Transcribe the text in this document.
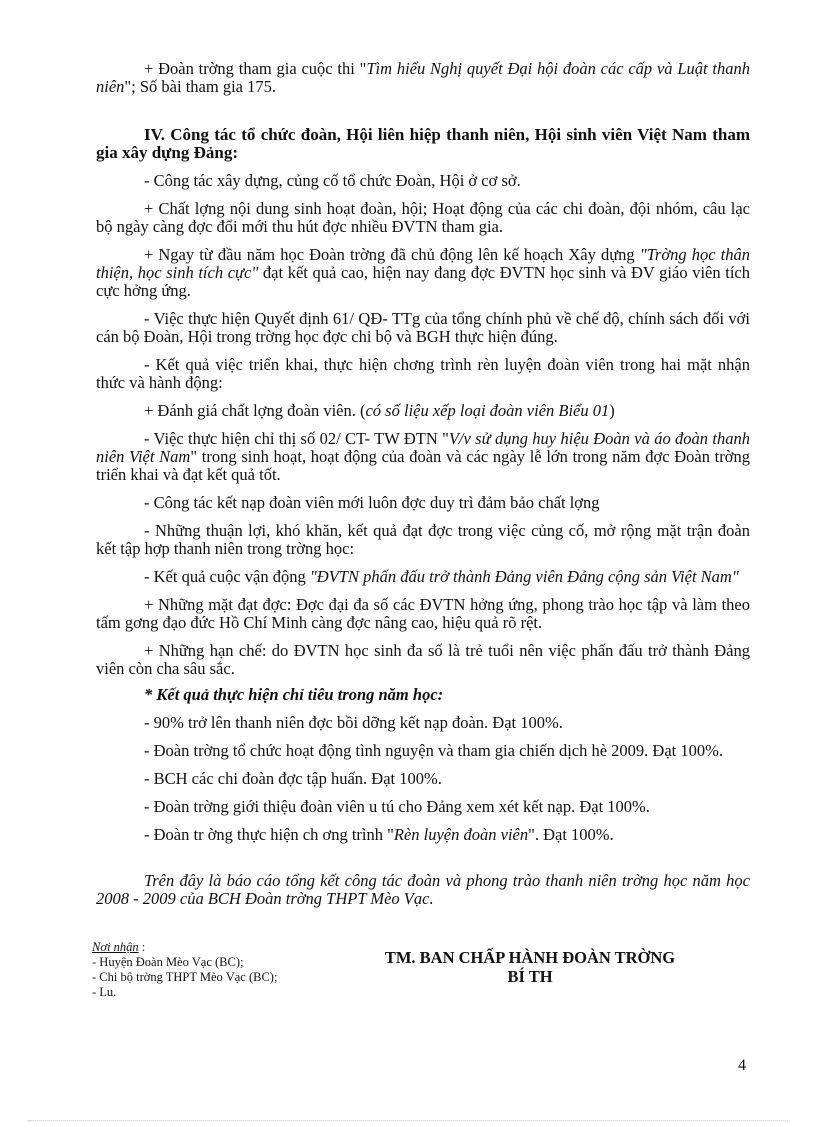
+ Đoàn trờng tham gia cuộc thi "Tìm hiểu Nghị quyết Đại hội đoàn các cấp và Luật thanh niên"; Số bài tham gia 175.

IV. Công tác tổ chức đoàn, Hội liên hiệp thanh niên, Hội sinh viên Việt Nam tham gia xây dựng Đảng:

- Công tác xây dựng, củng cố tổ chức Đoàn, Hội ở cơ sở.

+ Chất lợng nội dung sinh hoạt đoàn, hội; Hoạt động của các chi đoàn, đội nhóm, câu lạc bộ ngày càng đợc đổi mới thu hút đợc nhiều ĐVTN tham gia.

+ Ngay từ đầu năm học Đoàn trờng đã chủ động lên kế hoạch Xây dựng "Trờng học thân thiện, học sinh tích cực" đạt kết quả cao, hiện nay đang đợc ĐVTN học sinh và ĐV giáo viên tích cực hởng ứng.

- Việc thực hiện Quyết định 61/ QĐ- TTg của tổng chính phủ về chế độ, chính sách đối với cán bộ Đoàn, Hội trong trờng học đợc chi bộ và BGH thực hiện đúng.

- Kết quả việc triển khai, thực hiện chơng trình rèn luyện đoàn viên trong hai mặt nhận thức và hành động:

+ Đánh giá chất lợng đoàn viên. (có số liệu xếp loại đoàn viên Biểu 01)

- Việc thực hiện chỉ thị số 02/ CT- TW ĐTN "V/v sử dụng huy hiệu Đoàn và áo đoàn thanh niên Việt Nam" trong sinh hoạt, hoạt động của đoàn và các ngày lễ lớn trong năm đợc Đoàn trờng triển khai và đạt kết quả tốt.

- Công tác kết nạp đoàn viên mới luôn đợc duy trì đảm bảo chất lợng

- Những thuận lợi, khó khăn, kết quả đạt đợc trong việc củng cố, mở rộng mặt trận đoàn kết tập hợp thanh niên trong trờng học:

- Kết quả cuộc vận động "ĐVTN phấn đấu trở thành Đảng viên Đảng cộng sản Việt Nam"

+ Những mặt đạt đợc: Đợc đại đa số các ĐVTN hởng ứng, phong trào học tập và làm theo tấm gơng đạo đức Hồ Chí Minh càng đợc nâng cao, hiệu quả rõ rệt.

+ Những hạn chế: do ĐVTN học sinh đa số là trẻ tuổi nên việc phấn đấu trở thành Đảng viên còn cha sâu sắc.

* Kết quả thực hiện chỉ tiêu trong năm học:

- 90% trở lên thanh niên đợc bồi dỡng kết nạp đoàn. Đạt 100%.

- Đoàn trờng tổ chức hoạt động tình nguyện và tham gia chiến dịch hè 2009. Đạt 100%.

- BCH các chi đoàn đợc tập huấn. Đạt 100%.

- Đoàn trờng giới thiệu đoàn viên u tú cho Đảng xem xét kết nạp. Đạt 100%.

- Đoàn tr ờng thực hiện ch ơng trình "Rèn luyện đoàn viên". Đạt 100%.

Trên đây là báo cáo tổng kết công tác đoàn và phong trào thanh niên trờng học năm học 2008 - 2009 của BCH Đoàn trờng THPT Mèo Vạc.

Nơi nhận :
- Huyện Đoàn Mèo Vạc (BC);
- Chi bộ trờng THPT Mèo Vạc (BC);
- Lu.
TM. BAN CHẤP HÀNH ĐOÀN TRỜNG
BÍ TH
4
